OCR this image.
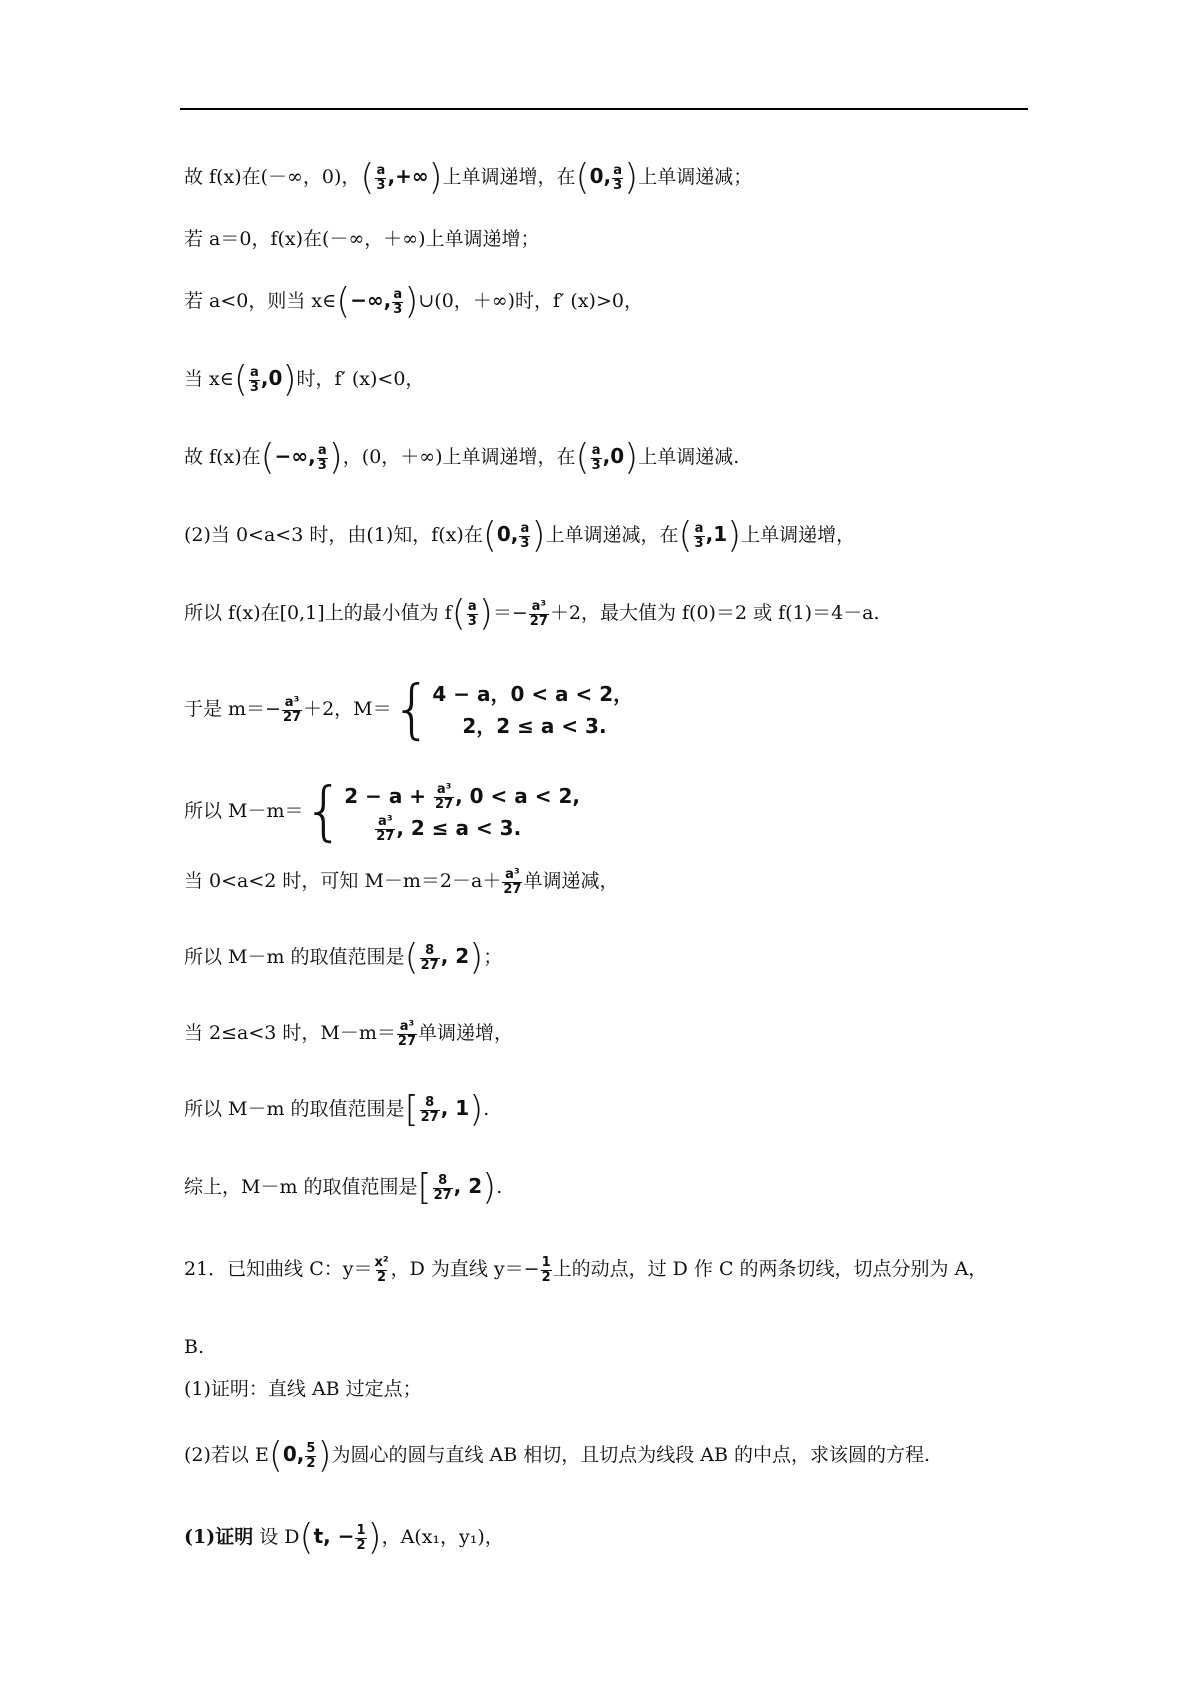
故 f(x)在(－∞，0)，( $\frac{a}{3}$ ,+∞)上单调递增，在(0, $\frac{a}{3}$ )上单调递减；
若 a＝0，f(x)在(－∞，＋∞)上单调递增；
若 a<0，则当 x∈(−∞, $\frac{a}{3}$ )∪(0，＋∞)时，f′ (x)>0，
当 x∈( $\frac{a}{3} ,0$)时，f′ (x)<0，
故 f(x)在(−∞, $\frac{a}{3}$ )，(0，＋∞)上单调递增，在( $\frac{a}{3} ,0$)上单调递减.
(2)当 0<a<3 时，由(1)知，f(x)在(0, $\frac{a}{3}$ )上单调递减，在( $\frac{a}{3} ,1$)上单调递增，
所以 f(x)在[0,1]上的最小值为 $f( \frac{a}{3}$ )＝− $\frac{\text{a³}}{27} +2$，最大值为 f(0)＝2 或 f(1)＝4－a.
于是 $m=- \frac{\text{a³}}{27} +2$，M＝{ 4 − a，0 < a < 2，
2，2 ≤ a < 3.
所以 M－m＝{ $2 - a + \frac{\text{a³}}{27}$ , 0 < a < 2,
$\frac{\text{a³}}{27}$ , 2 ≤ a < 3.
当 0<a<2 时，可知 $M-m=2-a+ \frac{\text{a³}}{27}$ 单调递减，
所以 M－m 的取值范围是( $\frac{8}{27}$ , 2)；
当 2≤a<3 时，$M-m= \frac{\text{a³}}{27}$ 单调递增，
所以 M－m 的取值范围是[ $\frac{8}{27}$ , 1).
综上，M－m 的取值范围是[ $\frac{8}{27}$ , 2).
21．已知曲线 C：$y= \frac{\text{x²}}{2}$ ，D 为直线 $y=- \frac{1}{2}$ 上的动点，过 D 作 C 的两条切线，切点分别为 A，
B.
(1)证明：直线 AB 过定点；
(2)若以 E(0, $\frac{5}{2}$ )为圆心的圆与直线 AB 相切，且切点为线段 AB 的中点，求该圆的方程.
(1)证明 设 D(t, − $\frac{1}{2}$ )，A(x₁，y₁)，
